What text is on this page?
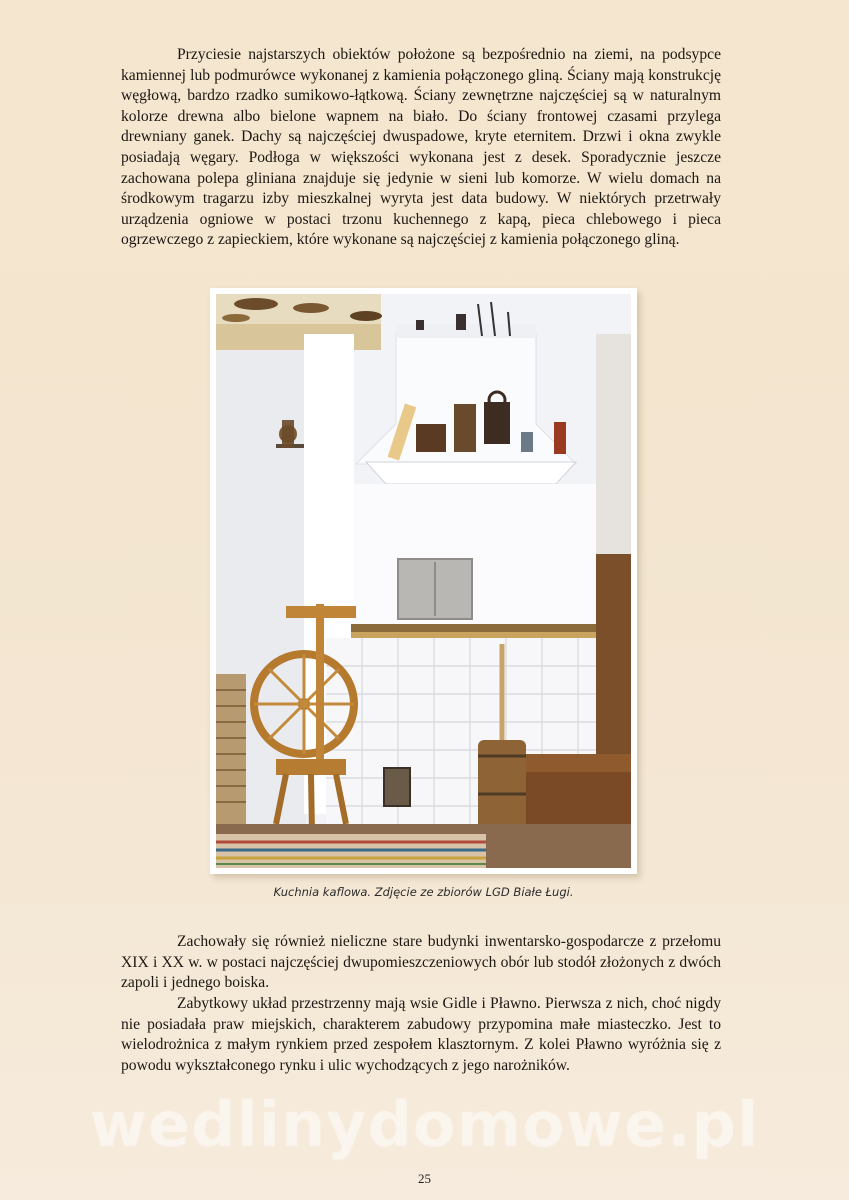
Przyciesie najstarszych obiektów położone są bezpośrednio na ziemi, na podsypce kamiennej lub podmurówce wykonanej z kamienia połączonego gliną. Ściany mają konstrukcję węgłową, bardzo rzadko sumikowo-łątkową. Ściany zewnętrzne najczęściej są w naturalnym kolorze drewna albo bielone wapnem na biało. Do ściany frontowej czasami przylega drewniany ganek. Dachy są najczęściej dwuspadowe, kryte eternitem. Drzwi i okna zwykle posiadają węgary. Podłoga w większości wykonana jest z desek. Sporadycznie jeszcze zachowana polepa gliniana znajduje się jedynie w sieni lub komorze. W wielu domach na środkowym tragarzu izby mieszkalnej wyryta jest data budowy. W niektórych przetrwały urządzenia ogniowe w postaci trzonu kuchennego z kapą, pieca chlebowego i pieca ogrzewczego z zapieckiem, które wykonane są najczęściej z kamienia połączonego gliną.

Kuchnia kaflowa. Zdjęcie ze zbiorów LGD Białe Ługi.

Zachowały się również nieliczne stare budynki inwentarsko-gospodarcze z przełomu XIX i XX w. w postaci najczęściej dwupomieszczeniowych obór lub stodół złożonych z dwóch zapoli i jednego boiska.

Zabytkowy układ przestrzenny mają wsie Gidle i Pławno. Pierwsza z nich, choć nigdy nie posiadała praw miejskich, charakterem zabudowy przypomina małe miasteczko. Jest to wielodrożnica z małym rynkiem przed zespołem klasztornym. Z kolei Pławno wyróżnia się z powodu wykształconego rynku i ulic wychodzących z jego narożników.

wedlinydomowe.pl
25
